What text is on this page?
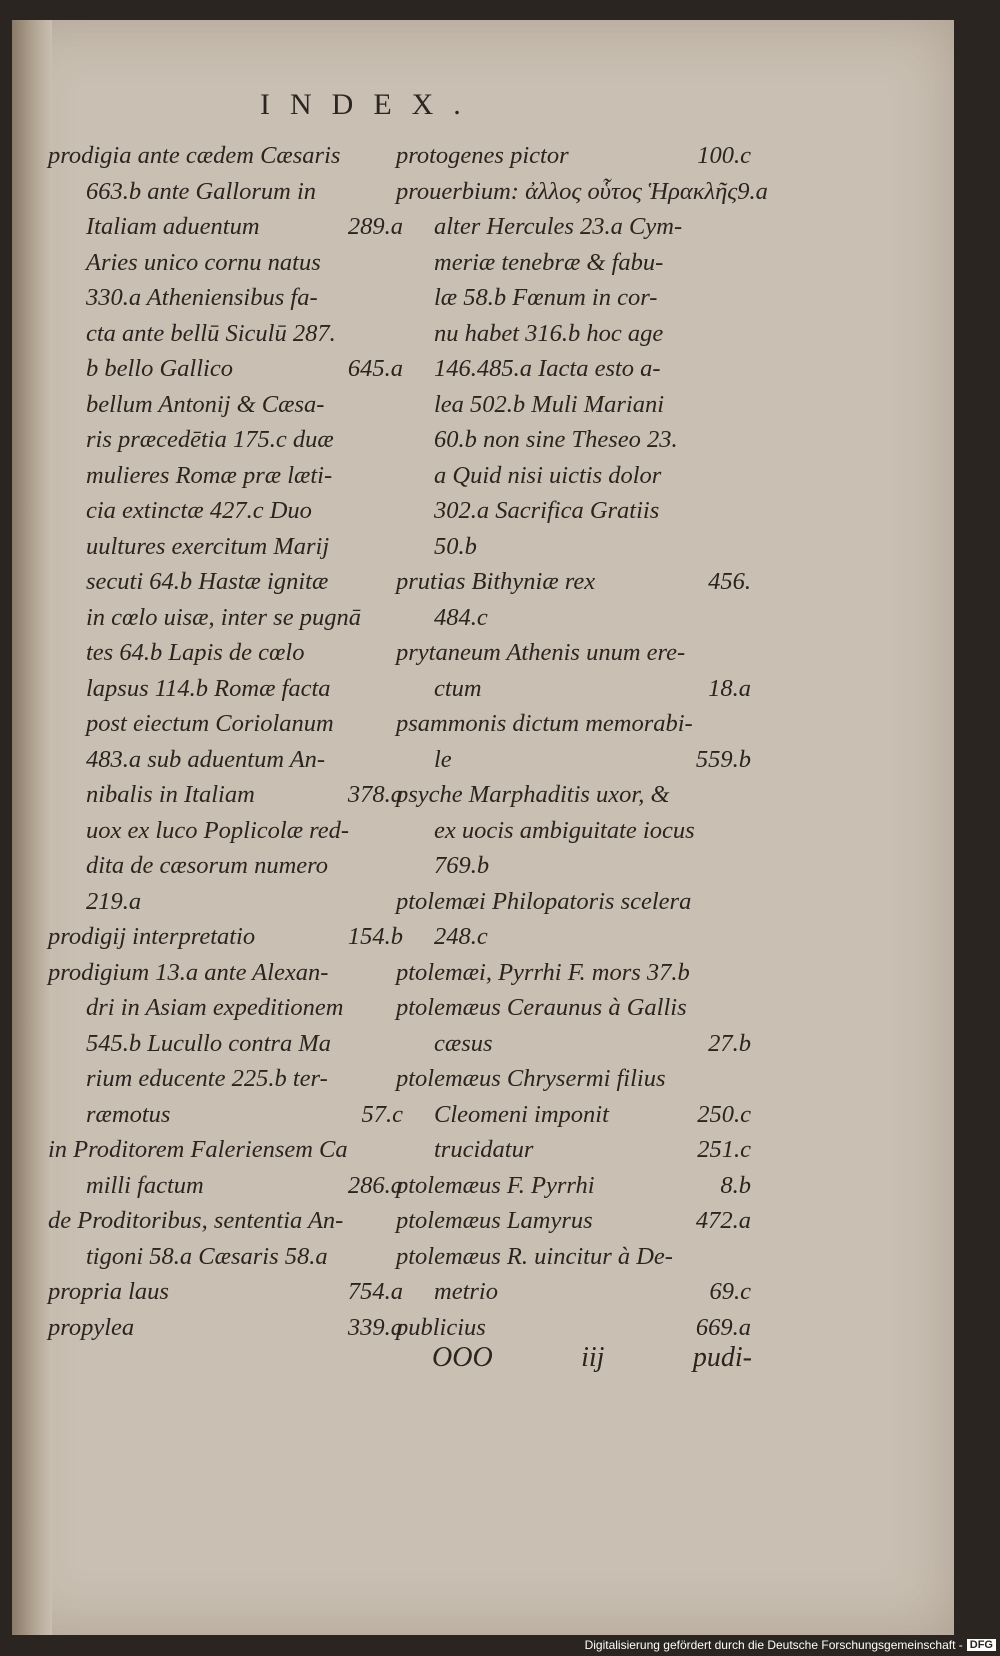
INDEX.
prodigia ante cædem Cæsaris
663.b ante Gallorum in
Italiam aduentum	289.a
Aries unico cornu natus
330.a Atheniensibus fa-
cta ante bellū Siculū 287.
b bello Gallico	645.a
bellum Antonij & Cæsa-
ris præcedētia 175.c duæ
mulieres Romæ præ læti-
cia extinctæ 427.c Duo
uultures exercitum Marij
secuti 64.b Hastæ ignitæ
in cœlo uisæ, inter se pugnā
tes 64.b Lapis de cœlo
lapsus 114.b Romæ facta
post eiectum Coriolanum
483.a sub aduentum An-
nibalis in Italiam	378.a
uox ex luco Poplicolæ red-
dita de cæsorum numero
219.a
prodigij interpretatio	154.b
prodigium 13.a ante Alexan-
dri in Asiam expeditionem
545.b Lucullo contra Ma
rium educente 225.b ter-
ræmotus	57.c
in Proditorem Faleriensem Ca
milli factum	286.a
de Proditoribus, sententia An-
tigoni 58.a Cæsaris 58.a
propria laus	754.a
propylea	339.a
protogenes pictor	100.c
prouerbium: ἀλλος οὗτος Ἡρακλῆς 9.a
alter Hercules 23.a Cym-
meriæ tenebræ & fabu-
læ 58.b Fœnum in cor-
nu habet 316.b hoc age
146.485.a Iacta esto a-
lea 502.b Muli Mariani
60.b non sine Theseo 23.
a Quid nisi uictis dolor
302.a Sacrifica Gratiis
50.b
prutias Bithyniæ rex	456.
484.c
prytaneum Athenis unum ere-
ctum	18.a
psammonis dictum memorabi-
le	559.b
psyche Marphaditis uxor, &
ex uocis ambiguitate iocus
769.b
ptolemæi Philopatoris scelera
248.c
ptolemæi, Pyrrhi F. mors 37.b
ptolemæus Ceraunus à Gallis
cæsus	27.b
ptolemæus Chrysermi filius
Cleomeni imponit	250.c
trucidatur	251.c
ptolemæus F. Pyrrhi	8.b
ptolemæus Lamyrus	472.a
ptolemæus R. uincitur à De-
metrio	69.c
publicius	669.a
OOO	iij	pudi-
Digitalisierung gefördert durch die Deutsche Forschungsgemeinschaft - DFG
